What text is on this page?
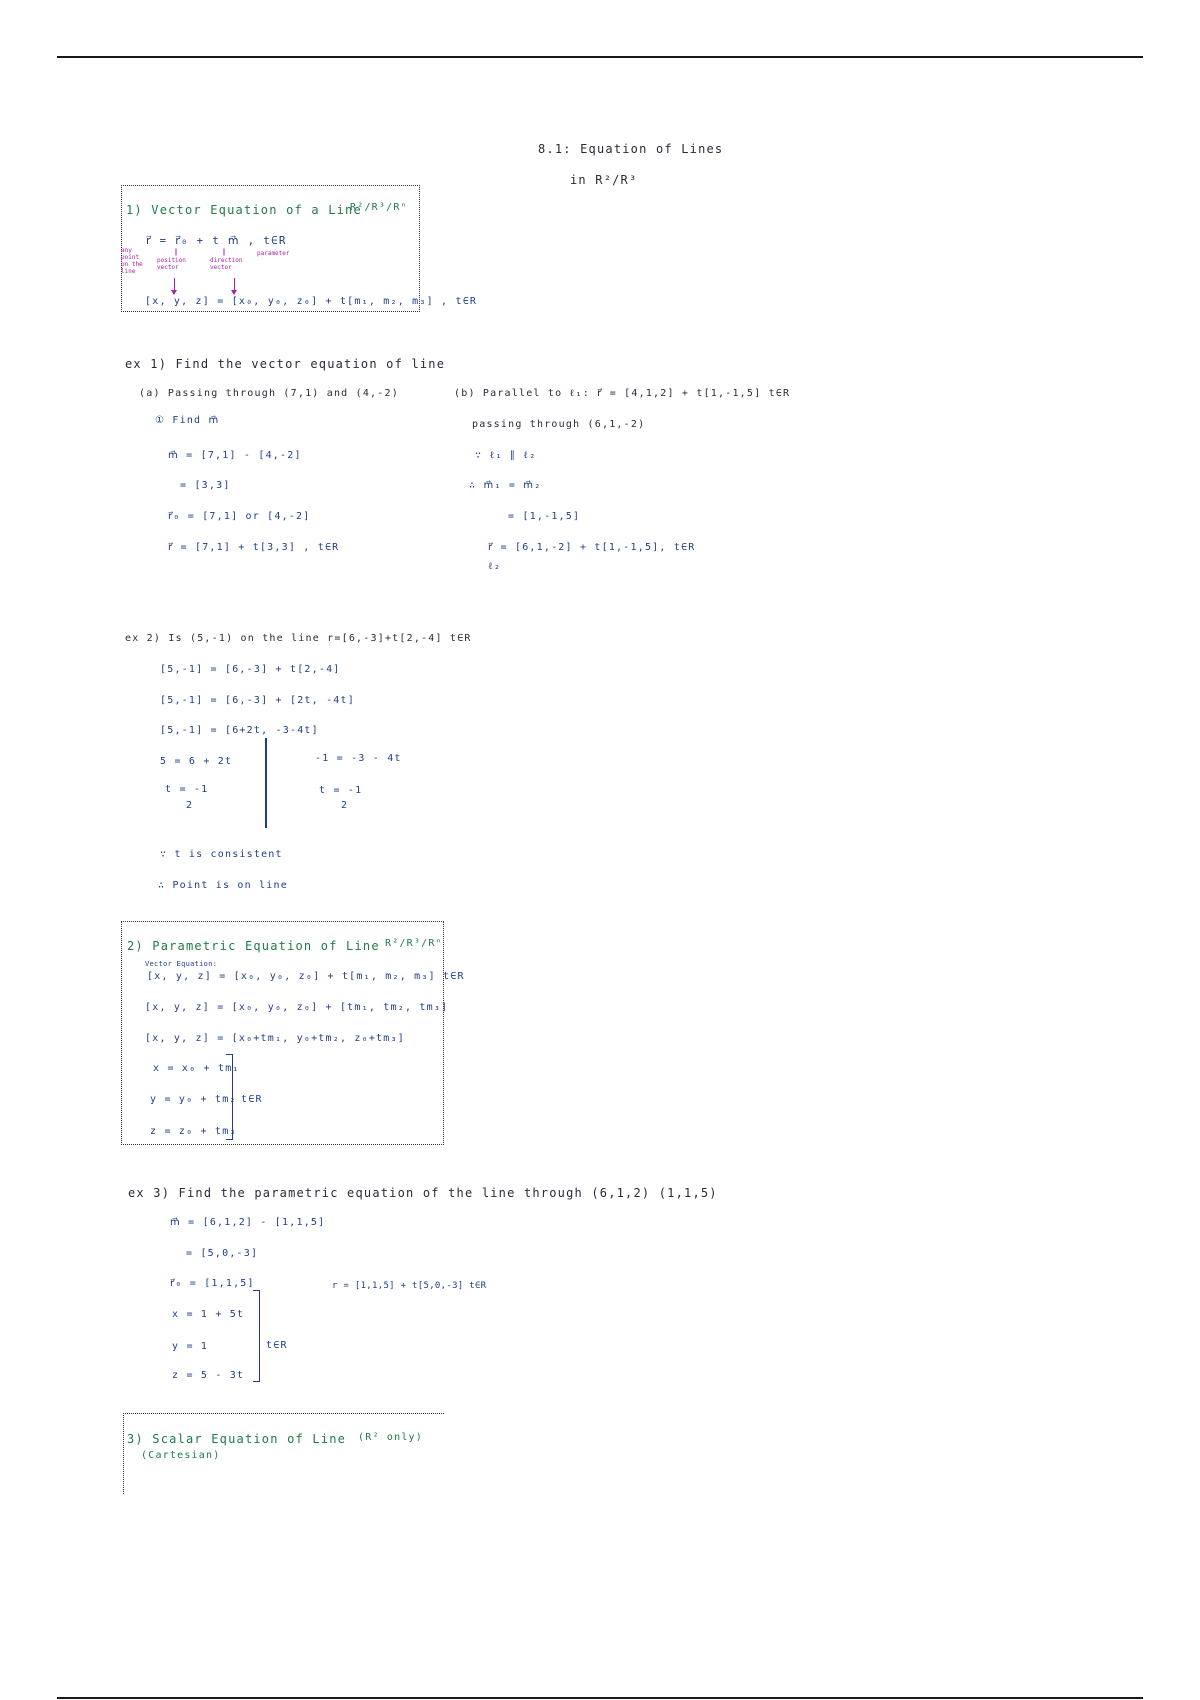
8.1: Equation of Lines
in R²/R³
1) Vector Equation of a Line
R²/R³/Rⁿ
r⃗ = r⃗₀ + t m⃗ , t∈R
any point on the line
position vector
direction vector
parameter
[x, y, z] = [x₀, y₀, z₀] + t[m₁, m₂, m₃] , t∈R
ex 1) Find the vector equation of line
(a) Passing through (7,1) and (4,-2)
① Find m⃗
m⃗ = [7,1] - [4,-2]
= [3,3]
r⃗₀ = [7,1] or [4,-2]
r⃗ = [7,1] + t[3,3] , t∈R
(b) Parallel to ℓ₁: r⃗ = [4,1,2] + t[1,-1,5] t∈R
passing through (6,1,-2)
∵ ℓ₁ ∥ ℓ₂
∴ m⃗₁ = m⃗₂
= [1,-1,5]
r⃗ = [6,1,-2] + t[1,-1,5], t∈R
ℓ₂
ex 2) Is (5,-1) on the line r=[6,-3]+t[2,-4] t∈R
[5,-1] = [6,-3] + t[2,-4]
[5,-1] = [6,-3] + [2t, -4t]
[5,-1] = [6+2t, -3-4t]
5 = 6 + 2t
t = -1
2
-1 = -3 - 4t
t = -1
2
∵ t is consistent
∴ Point is on line
2) Parametric Equation of Line R²/R³/Rⁿ
Vector Equation:
[x, y, z] = [x₀, y₀, z₀] + t[m₁, m₂, m₃] t∈R
[x, y, z] = [x₀, y₀, z₀] + [tm₁, tm₂, tm₃]
[x, y, z] = [x₀+tm₁, y₀+tm₂, z₀+tm₃]
x = x₀ + tm₁
y = y₀ + tm₂
z = z₀ + tm₃
t∈R
ex 3) Find the parametric equation of the line through (6,1,2) (1,1,5)
m⃗ = [6,1,2] - [1,1,5]
= [5,0,-3]
r⃗₀ = [1,1,5]	r = [1,1,5] + t[5,0,-3] t∈R
x = 1 + 5t
y = 1
z = 5 - 3t
t∈R
3) Scalar Equation of Line (R² only)
(Cartesian)
